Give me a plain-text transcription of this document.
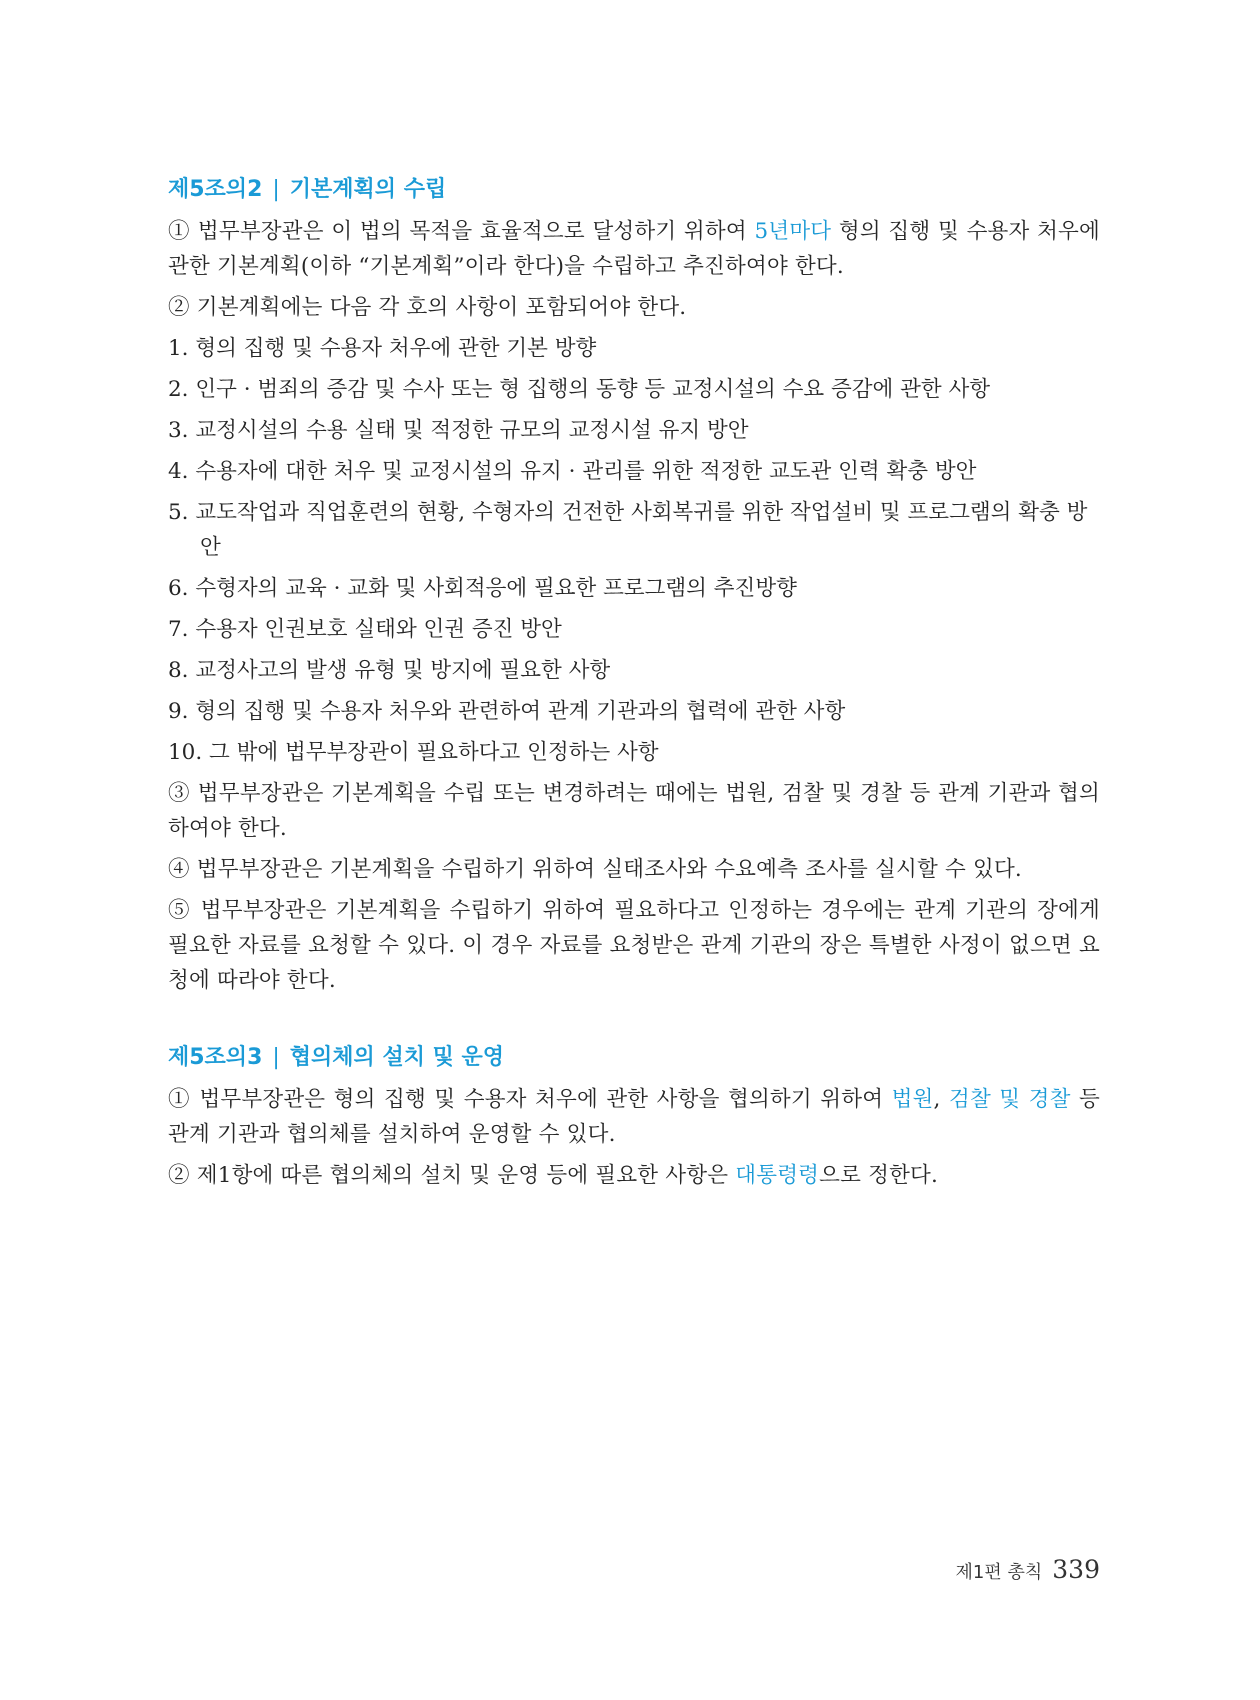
제5조의2 | 기본계획의 수립

① 법무부장관은 이 법의 목적을 효율적으로 달성하기 위하여 5년마다 형의 집행 및 수용자 처우에 관한 기본계획(이하 “기본계획”이라 한다)을 수립하고 추진하여야 한다.

② 기본계획에는 다음 각 호의 사항이 포함되어야 한다.

1. 형의 집행 및 수용자 처우에 관한 기본 방향

2. 인구 · 범죄의 증감 및 수사 또는 형 집행의 동향 등 교정시설의 수요 증감에 관한 사항

3. 교정시설의 수용 실태 및 적정한 규모의 교정시설 유지 방안

4. 수용자에 대한 처우 및 교정시설의 유지 · 관리를 위한 적정한 교도관 인력 확충 방안

5. 교도작업과 직업훈련의 현황, 수형자의 건전한 사회복귀를 위한 작업설비 및 프로그램의 확충 방안

6. 수형자의 교육 · 교화 및 사회적응에 필요한 프로그램의 추진방향

7. 수용자 인권보호 실태와 인권 증진 방안

8. 교정사고의 발생 유형 및 방지에 필요한 사항

9. 형의 집행 및 수용자 처우와 관련하여 관계 기관과의 협력에 관한 사항

10. 그 밖에 법무부장관이 필요하다고 인정하는 사항

③ 법무부장관은 기본계획을 수립 또는 변경하려는 때에는 법원, 검찰 및 경찰 등 관계 기관과 협의하여야 한다.

④ 법무부장관은 기본계획을 수립하기 위하여 실태조사와 수요예측 조사를 실시할 수 있다.

⑤ 법무부장관은 기본계획을 수립하기 위하여 필요하다고 인정하는 경우에는 관계 기관의 장에게 필요한 자료를 요청할 수 있다. 이 경우 자료를 요청받은 관계 기관의 장은 특별한 사정이 없으면 요청에 따라야 한다.

제5조의3 | 협의체의 설치 및 운영

① 법무부장관은 형의 집행 및 수용자 처우에 관한 사항을 협의하기 위하여 법원, 검찰 및 경찰 등 관계 기관과 협의체를 설치하여 운영할 수 있다.

② 제1항에 따른 협의체의 설치 및 운영 등에 필요한 사항은 대통령령으로 정한다.

제1편 총칙 339
